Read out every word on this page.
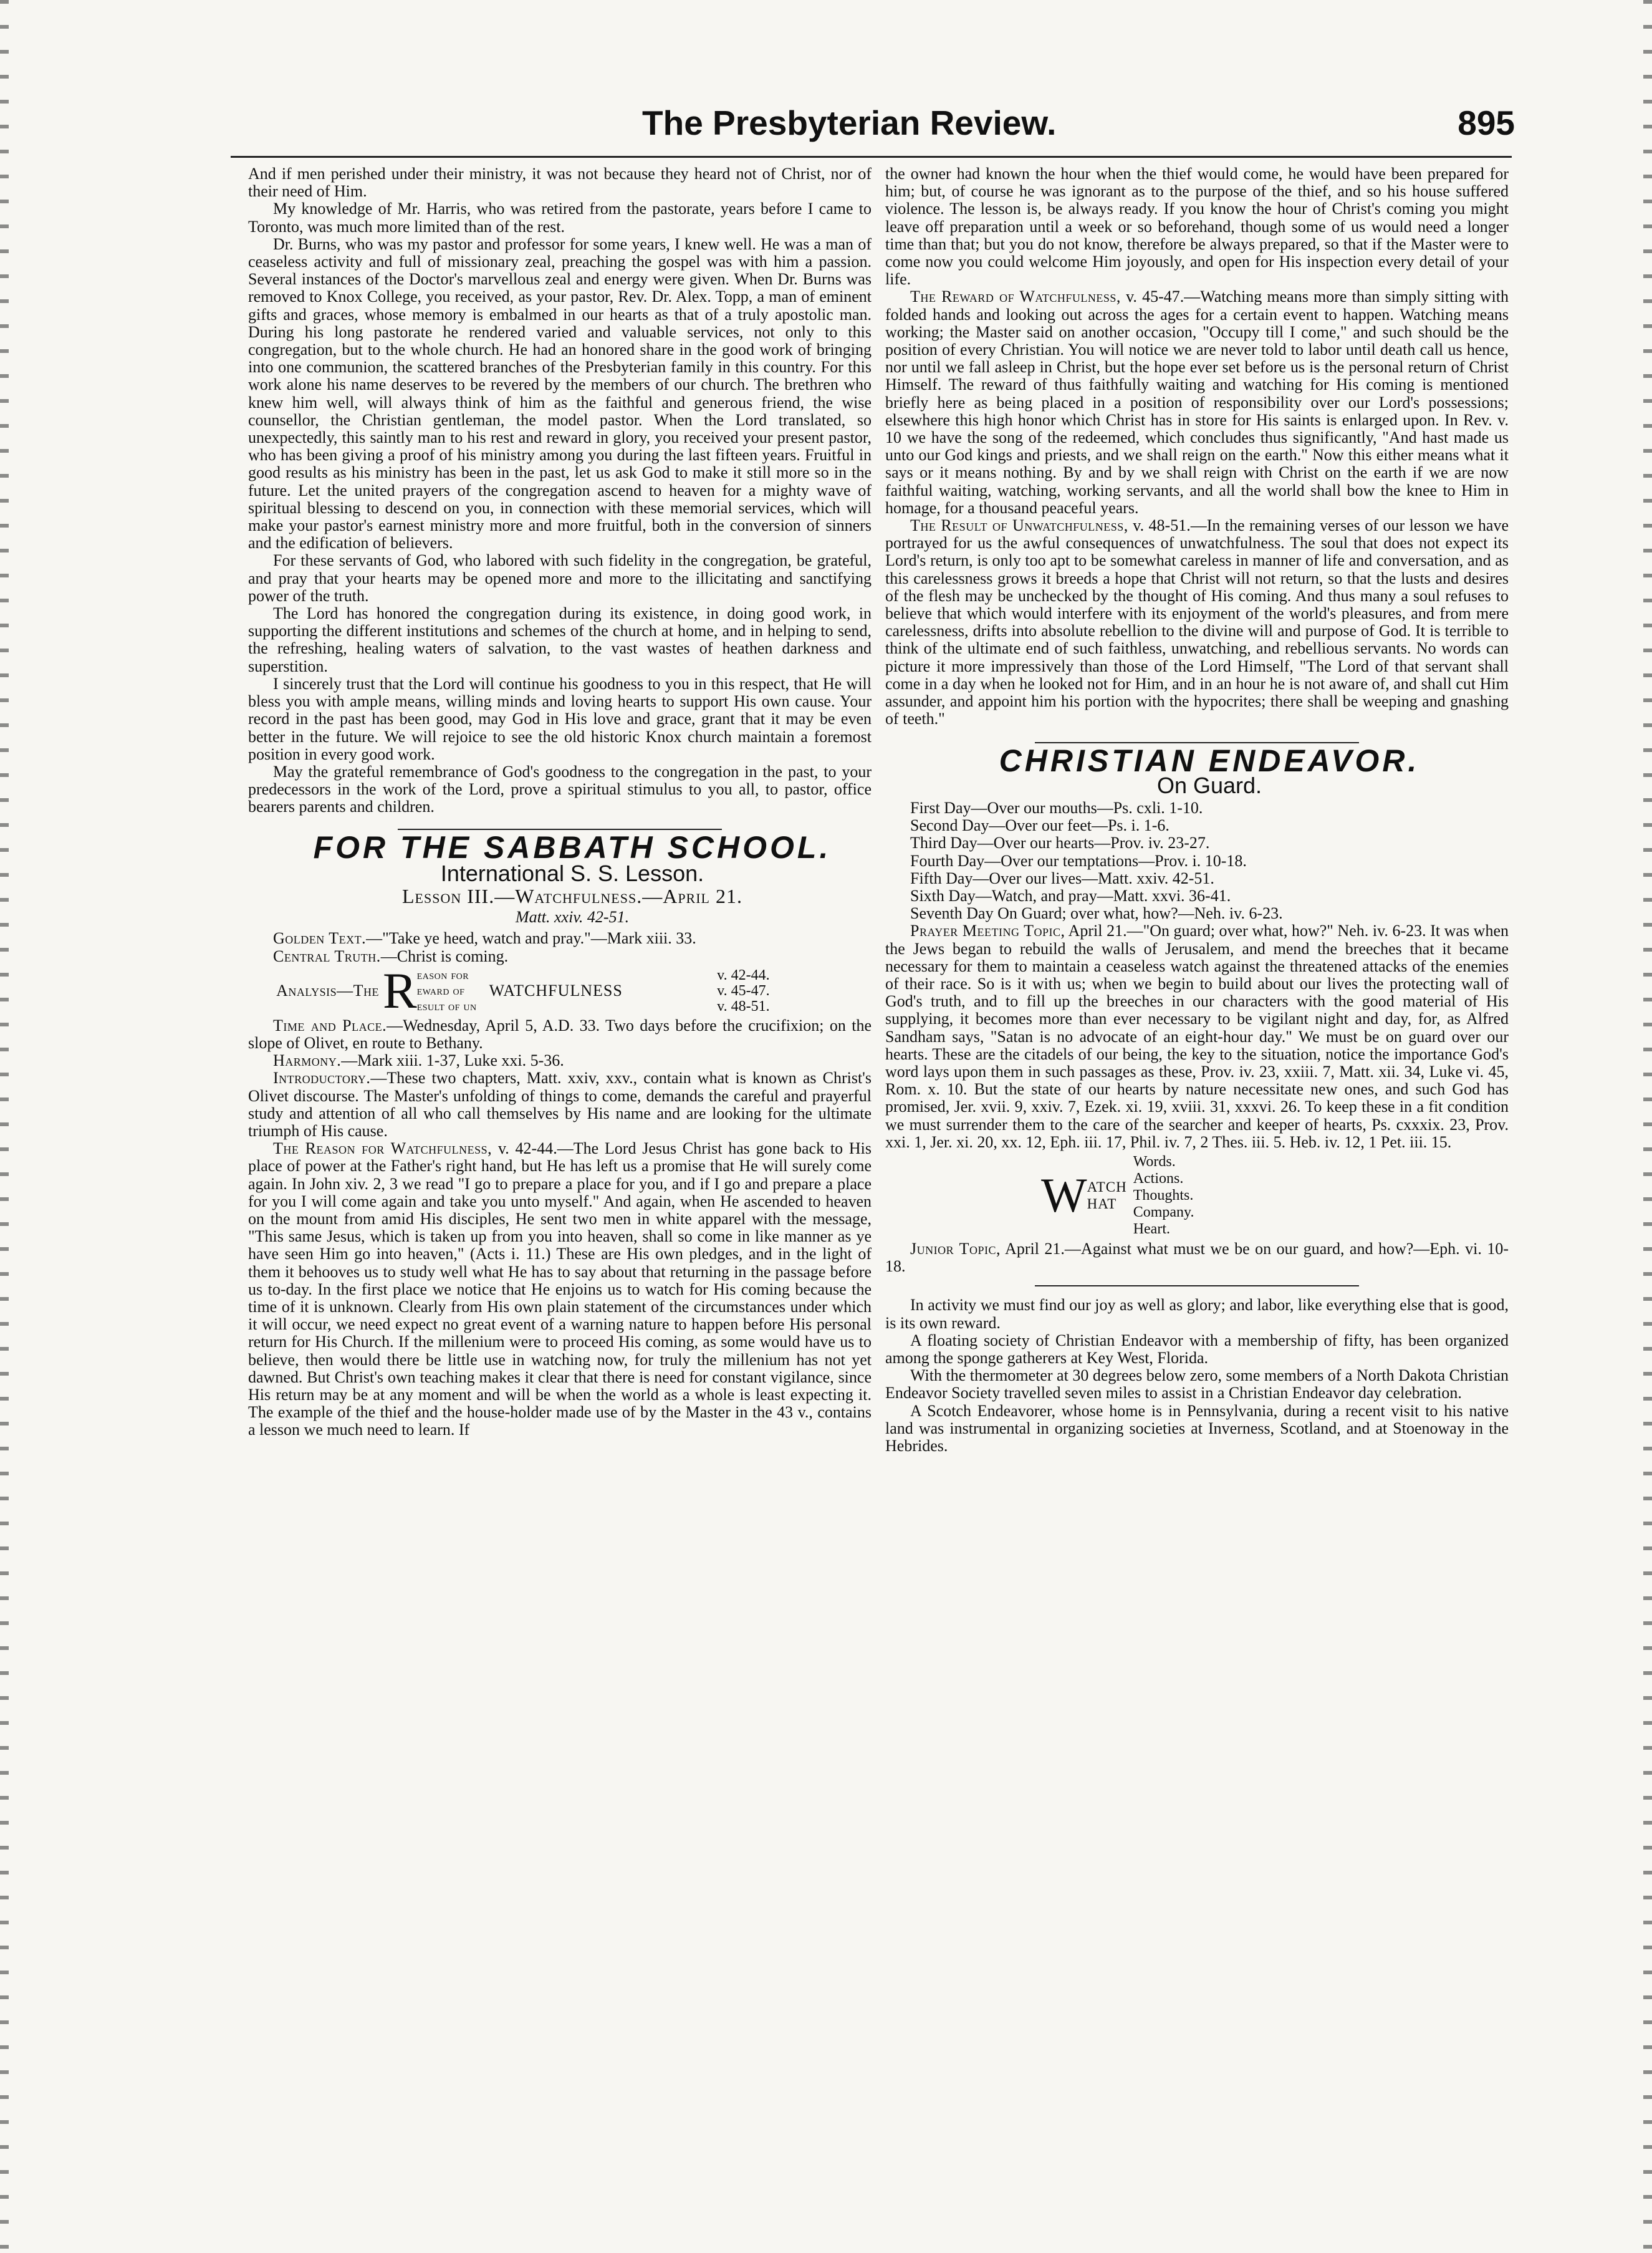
The Presbyterian Review.	895

And if men perished under their ministry, it was not because they heard not of Christ, nor of their need of Him.

My knowledge of Mr. Harris, who was retired from the pastorate, years before I came to Toronto, was much more limited than of the rest.

Dr. Burns, who was my pastor and professor for some years, I knew well. He was a man of ceaseless activity and full of missionary zeal, preaching the gospel was with him a passion. Several instances of the Doctor's marvellous zeal and energy were given. When Dr. Burns was removed to Knox College, you received, as your pastor, Rev. Dr. Alex. Topp, a man of eminent gifts and graces, whose memory is embalmed in our hearts as that of a truly apostolic man. During his long pastorate he rendered varied and valuable services, not only to this congregation, but to the whole church. He had an honored share in the good work of bringing into one communion, the scattered branches of the Presbyterian family in this country. For this work alone his name deserves to be revered by the members of our church. The brethren who knew him well, will always think of him as the faithful and generous friend, the wise counsellor, the Christian gentleman, the model pastor. When the Lord translated, so unexpectedly, this saintly man to his rest and reward in glory, you received your present pastor, who has been giving a proof of his ministry among you during the last fifteen years. Fruitful in good results as his ministry has been in the past, let us ask God to make it still more so in the future. Let the united prayers of the congregation ascend to heaven for a mighty wave of spiritual blessing to descend on you, in connection with these memorial services, which will make your pastor's earnest ministry more and more fruitful, both in the conversion of sinners and the edification of believers.

For these servants of God, who labored with such fidelity in the congregation, be grateful, and pray that your hearts may be opened more and more to the illicitating and sanctifying power of the truth.

The Lord has honored the congregation during its existence, in doing good work, in supporting the different institutions and schemes of the church at home, and in helping to send, the refreshing, healing waters of salvation, to the vast wastes of heathen darkness and superstition.

I sincerely trust that the Lord will continue his goodness to you in this respect, that He will bless you with ample means, willing minds and loving hearts to support His own cause. Your record in the past has been good, may God in His love and grace, grant that it may be even better in the future. We will rejoice to see the old historic Knox church maintain a foremost position in every good work.

May the grateful remembrance of God's goodness to the congregation in the past, to your predecessors in the work of the Lord, prove a spiritual stimulus to you all, to pastor, office bearers parents and children.

FOR THE SABBATH SCHOOL.

International S. S. Lesson.

Lesson III.—Watchfulness.—April 21.

Matt. xxiv. 42-51.

Golden Text.—"Take ye heed, watch and pray."—Mark xiii. 33.

Central Truth.—Christ is coming.

Analysis—The R eason for
eward of
esult of un
WATCHFULNESS
v. 42-44.
v. 45-47.
v. 48-51.

Time and Place.—Wednesday, April 5, A.D. 33. Two days before the crucifixion; on the slope of Olivet, en route to Bethany.

Harmony.—Mark xiii. 1-37, Luke xxi. 5-36.

Introductory.—These two chapters, Matt. xxiv, xxv., contain what is known as Christ's Olivet discourse. The Master's unfolding of things to come, demands the careful and prayerful study and attention of all who call themselves by His name and are looking for the ultimate triumph of His cause.

The Reason for Watchfulness, v. 42-44.—The Lord Jesus Christ has gone back to His place of power at the Father's right hand, but He has left us a promise that He will surely come again. In John xiv. 2, 3 we read "I go to prepare a place for you, and if I go and prepare a place for you I will come again and take you unto myself." And again, when He ascended to heaven on the mount from amid His disciples, He sent two men in white apparel with the message, "This same Jesus, which is taken up from you into heaven, shall so come in like manner as ye have seen Him go into heaven," (Acts i. 11.) These are His own pledges, and in the light of them it behooves us to study well what He has to say about that returning in the passage before us to-day. In the first place we notice that He enjoins us to watch for His coming because the time of it is unknown. Clearly from His own plain statement of the circumstances under which it will occur, we need expect no great event of a warning nature to happen before His personal return for His Church. If the millenium were to proceed His coming, as some would have us to believe, then would there be little use in watching now, for truly the millenium has not yet dawned. But Christ's own teaching makes it clear that there is need for constant vigilance, since His return may be at any moment and will be when the world as a whole is least expecting it. The example of the thief and the house-holder made use of by the Master in the 43 v., contains a lesson we much need to learn. If

the owner had known the hour when the thief would come, he would have been prepared for him; but, of course he was ignorant as to the purpose of the thief, and so his house suffered violence. The lesson is, be always ready. If you know the hour of Christ's coming you might leave off preparation until a week or so beforehand, though some of us would need a longer time than that; but you do not know, therefore be always prepared, so that if the Master were to come now you could welcome Him joyously, and open for His inspection every detail of your life.

The Reward of Watchfulness, v. 45-47.—Watching means more than simply sitting with folded hands and looking out across the ages for a certain event to happen. Watching means working; the Master said on another occasion, "Occupy till I come," and such should be the position of every Christian. You will notice we are never told to labor until death call us hence, nor until we fall asleep in Christ, but the hope ever set before us is the personal return of Christ Himself. The reward of thus faithfully waiting and watching for His coming is mentioned briefly here as being placed in a position of responsibility over our Lord's possessions; elsewhere this high honor which Christ has in store for His saints is enlarged upon. In Rev. v. 10 we have the song of the redeemed, which concludes thus significantly, "And hast made us unto our God kings and priests, and we shall reign on the earth." Now this either means what it says or it means nothing. By and by we shall reign with Christ on the earth if we are now faithful waiting, watching, working servants, and all the world shall bow the knee to Him in homage, for a thousand peaceful years.

The Result of Unwatchfulness, v. 48-51.—In the remaining verses of our lesson we have portrayed for us the awful consequences of unwatchfulness. The soul that does not expect its Lord's return, is only too apt to be somewhat careless in manner of life and conversation, and as this carelessness grows it breeds a hope that Christ will not return, so that the lusts and desires of the flesh may be unchecked by the thought of His coming. And thus many a soul refuses to believe that which would interfere with its enjoyment of the world's pleasures, and from mere carelessness, drifts into absolute rebellion to the divine will and purpose of God. It is terrible to think of the ultimate end of such faithless, unwatching, and rebellious servants. No words can picture it more impressively than those of the Lord Himself, "The Lord of that servant shall come in a day when he looked not for Him, and in an hour he is not aware of, and shall cut Him assunder, and appoint him his portion with the hypocrites; there shall be weeping and gnashing of teeth."

CHRISTIAN ENDEAVOR.

On Guard.

First Day—Over our mouths—Ps. cxli. 1-10.
Second Day—Over our feet—Ps. i. 1-6.
Third Day—Over our hearts—Prov. iv. 23-27.
Fourth Day—Over our temptations—Prov. i. 10-18.
Fifth Day—Over our lives—Matt. xxiv. 42-51.
Sixth Day—Watch, and pray—Matt. xxvi. 36-41.
Seventh Day On Guard; over what, how?—Neh. iv. 6-23.

Prayer Meeting Topic, April 21.—"On guard; over what, how?" Neh. iv. 6-23. It was when the Jews began to rebuild the walls of Jerusalem, and mend the breeches that it became necessary for them to maintain a ceaseless watch against the threatened attacks of the enemies of their race. So is it with us; when we begin to build about our lives the protecting wall of God's truth, and to fill up the breeches in our characters with the good material of His supplying, it becomes more than ever necessary to be vigilant night and day, for, as Alfred Sandham says, "Satan is no advocate of an eight-hour day." We must be on guard over our hearts. These are the citadels of our being, the key to the situation, notice the importance God's word lays upon them in such passages as these, Prov. iv. 23, xxiii. 7, Matt. xii. 34, Luke vi. 45, Rom. x. 10. But the state of our hearts by nature necessitate new ones, and such God has promised, Jer. xvii. 9, xxiv. 7, Ezek. xi. 19, xviii. 31, xxxvi. 26. To keep these in a fit condition we must surrender them to the care of the searcher and keeper of hearts, Ps. cxxxix. 23, Prov. xxi. 1, Jer. xi. 20, xx. 12, Eph. iii. 17, Phil. iv. 7, 2 Thes. iii. 5. Heb. iv. 12, 1 Pet. iii. 15.

W ATCH
HAT
Words.
Actions.
Thoughts.
Company.
Heart.

Junior Topic, April 21.—Against what must we be on our guard, and how?—Eph. vi. 10-18.

In activity we must find our joy as well as glory; and labor, like everything else that is good, is its own reward.

A floating society of Christian Endeavor with a membership of fifty, has been organized among the sponge gatherers at Key West, Florida.

With the thermometer at 30 degrees below zero, some members of a North Dakota Christian Endeavor Society travelled seven miles to assist in a Christian Endeavor day celebration.

A Scotch Endeavorer, whose home is in Pennsylvania, during a recent visit to his native land was instrumental in organizing societies at Inverness, Scotland, and at Stoenoway in the Hebrides.
